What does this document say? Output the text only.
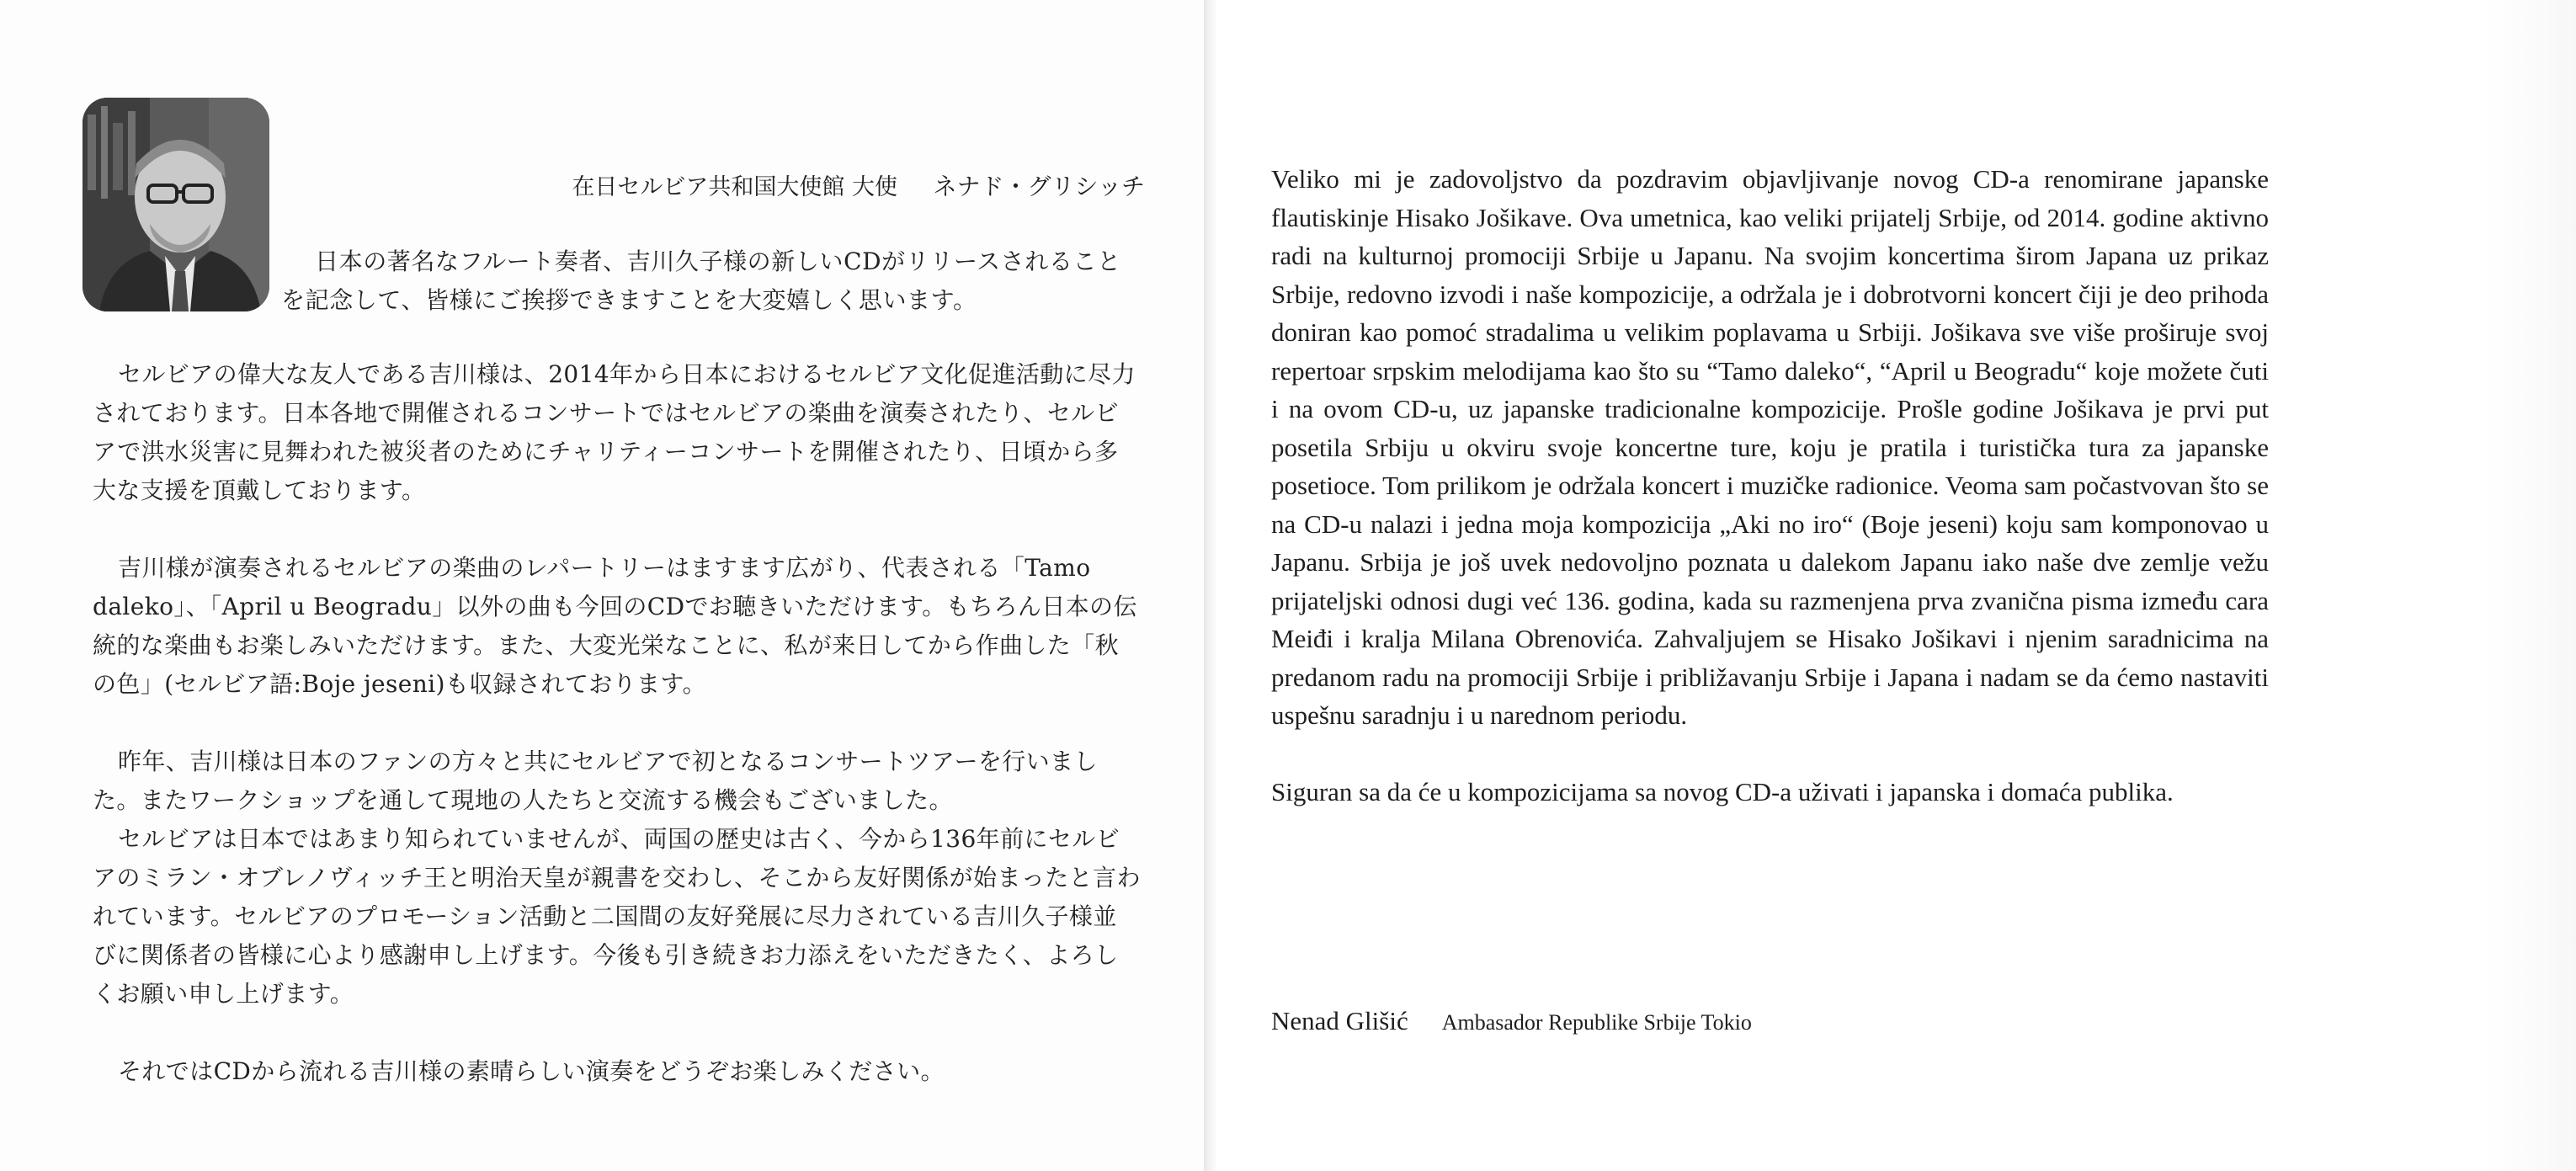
在日セルビア共和国大使館 大使 ネナド・グリシッチ
日本の著名なフルート奏者、吉川久子様の新しいCDがリリースされること
を記念して、皆様にご挨拶できますことを大変嬉しく思います。

セルビアの偉大な友人である吉川様は、2014年から日本におけるセルビア文化促進活動に尽力されております。日本各地で開催されるコンサートではセルビアの楽曲を演奏されたり、セルビアで洪水災害に見舞われた被災者のためにチャリティーコンサートを開催されたり、日頃から多大な支援を頂戴しております。

吉川様が演奏されるセルビアの楽曲のレパートリーはますます広がり、代表される「Tamo daleko」、「April u Beogradu」以外の曲も今回のCDでお聴きいただけます。もちろん日本の伝統的な楽曲もお楽しみいただけます。また、大変光栄なことに、私が来日してから作曲した「秋の色」(セルビア語:Boje jeseni)も収録されております。

昨年、吉川様は日本のファンの方々と共にセルビアで初となるコンサートツアーを行いました。またワークショップを通して現地の人たちと交流する機会もございました。

セルビアは日本ではあまり知られていませんが、両国の歴史は古く、今から136年前にセルビアのミラン・オブレノヴィッチ王と明治天皇が親書を交わし、そこから友好関係が始まったと言われています。セルビアのプロモーション活動と二国間の友好発展に尽力されている吉川久子様並びに関係者の皆様に心より感謝申し上げます。今後も引き続きお力添えをいただきたく、よろしくお願い申し上げます。

それではCDから流れる吉川様の素晴らしい演奏をどうぞお楽しみください。

Veliko mi je zadovoljstvo da pozdravim objavljivanje novog CD-a renomirane japanske flautiskinje Hisako Jošikave. Ova umetnica, kao veliki prijatelj Srbije, od 2014. godine aktivno radi na kulturnoj promociji Srbije u Japanu. Na svojim koncertima širom Japana uz prikaz Srbije, redovno izvodi i naše kompozicije, a održala je i dobrotvorni koncert čiji je deo prihoda doniran kao pomoć stradalima u velikim poplavama u Srbiji. Jošikava sve više proširuje svoj repertoar srpskim melodijama kao što su “Tamo daleko“, “April u Beogradu“ koje možete čuti i na ovom CD-u, uz japanske tradicionalne kompozicije. Prošle godine Jošikava je prvi put posetila Srbiju u okviru svoje koncertne ture, koju je pratila i turistička tura za japanske posetioce. Tom prilikom je održala koncert i muzičke radionice. Veoma sam počastvovan što se na CD-u nalazi i jedna moja kompozicija „Aki no iro“ (Boje jeseni) koju sam komponovao u Japanu. Srbija je još uvek nedovoljno poznata u dalekom Japanu iako naše dve zemlje vežu prijateljski odnosi dugi već 136. godina, kada su razmenjena prva zvanična pisma između cara Meiđi i kralja Milana Obrenovića. Zahvaljujem se Hisako Jošikavi i njenim saradnicima na predanom radu na promociji Srbije i približavanju Srbije i Japana i nadam se da ćemo nastaviti uspešnu saradnju i u narednom periodu.

Siguran sa da će u kompozicijama sa novog CD-a uživati i japanska i domaća publika.

Nenad Glišić Ambasador Republike Srbije Tokio
